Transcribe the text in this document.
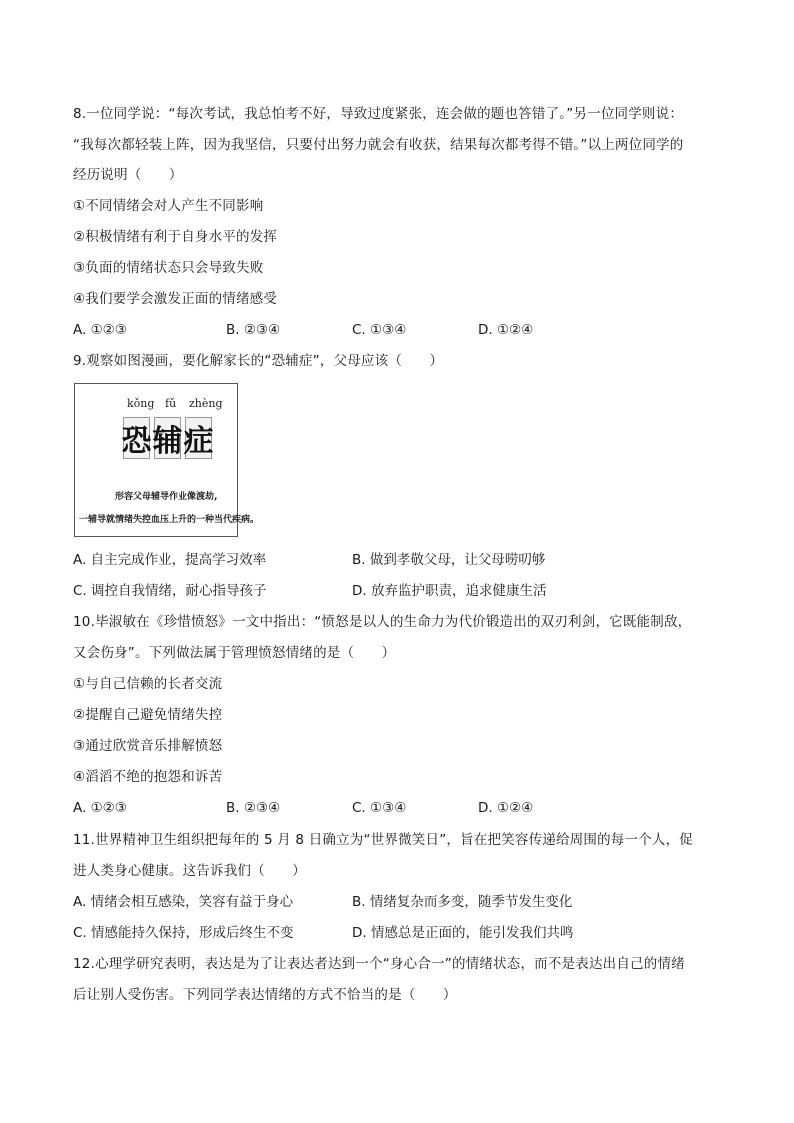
8.一位同学说：“每次考试，我总怕考不好，导致过度紧张，连会做的题也答错了。”另一位同学则说：
“我每次都轻装上阵，因为我坚信，只要付出努力就会有收获，结果每次都考得不错。”以上两位同学的
经历说明（　　）
①不同情绪会对人产生不同影响
②积极情绪有利于自身水平的发挥
③负面的情绪状态只会导致失败
④我们要学会激发正面的情绪感受
A. ①②③	B. ②③④	C. ①③④	D. ①②④
9.观察如图漫画，要化解家长的“恐辅症”，父母应该（　　）
kǒng fǔ zhèng
恐 辅 症
形容父母辅导作业像渡劫,
一辅导就情绪失控血压上升的一种当代疾病。
A. 自主完成作业，提高学习效率	B. 做到孝敬父母，让父母唠叨够
C. 调控自我情绪，耐心指导孩子	D. 放弃监护职责，追求健康生活
10.毕淑敏在《珍惜愤怒》一文中指出：“愤怒是以人的生命力为代价锻造出的双刃利剑，它既能制敌，
又会伤身”。下列做法属于管理愤怒情绪的是（　　）
①与自己信赖的长者交流
②提醒自己避免情绪失控
③通过欣赏音乐排解愤怒
④滔滔不绝的抱怨和诉苦
A. ①②③	B. ②③④	C. ①③④	D. ①②④
11.世界精神卫生组织把每年的 5 月 8 日确立为“世界微笑日”，旨在把笑容传递给周围的每一个人，促
进人类身心健康。这告诉我们（　　）
A. 情绪会相互感染，笑容有益于身心	B. 情绪复杂而多变，随季节发生变化
C. 情感能持久保持，形成后终生不变	D. 情感总是正面的，能引发我们共鸣
12.心理学研究表明，表达是为了让表达者达到一个“身心合一”的情绪状态，而不是表达出自己的情绪
后让别人受伤害。下列同学表达情绪的方式不恰当的是（　　）
